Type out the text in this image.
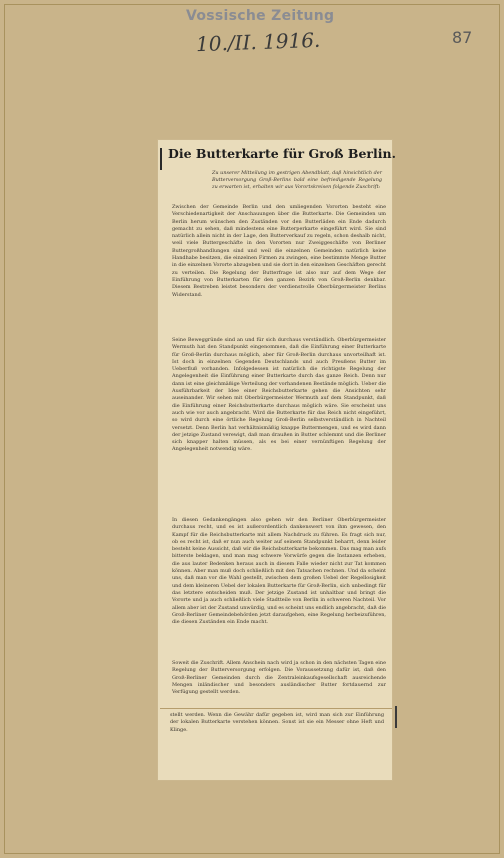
Vossische Zeitung
10./II. 1916.	87
Die Butterkarte für Groß Berlin.
Zu unserer Mitteilung im gestrigen Abendblatt, daß hinsichtlich der Butterversorgung Groß-Berlins bald eine befriedigende Regelung zu erwarten ist, erhalten wir aus Vorortskreisen folgende Zuschrift:
Zwischen der Gemeinde Berlin und den umliegenden Vororten besteht eine Verschiedenartigkeit der Anschauungen über die Butterkarte. Die Gemeinden um Berlin herum wünschen den Zuständen vor den Butterläden ein Ende dadurch gemacht zu sehen, daß mindestens eine Butterperkarte eingeführt wird. Sie sind natürlich allein nicht in der Lage, den Butterverkauf zu regeln, schon deshalb nicht, weil viele Buttergeschäfte in den Vororten nur Zweiggeschäfte von Berliner Buttergroßhandlungen sind und weil die einzelnen Gemeinden natürlich keine Handhabe besitzen, die einzelnen Firmen zu zwingen, eine bestimmte Menge Butter in die einzelnen Vororte abzugeben und sie dort in den einzelnen Geschäften gerecht zu verteilen. Die Regelung der Butterfrage ist also nur auf dem Wege der Einführung von Butterkarten für den ganzen Bezirk von Groß-Berlin denkbar. Diesem Bestreben leistet besonders der verdienstvolle Oberbürgermeister Berlins Widerstand.
Seine Beweggründe sind an und für sich durchaus verständlich. Oberbürgermeister Wermuth hat den Standpunkt eingenommen, daß die Einführung einer Butterkarte für Groß-Berlin durchaus möglich, aber für Groß-Berlin durchaus unvorteilhaft ist. Ist doch in einzelnen Gegenden Deutschlands und auch Preußens Butter im Ueberfluß vorhanden. Infolgedessen ist natürlich die richtigste Regelung der Angelegenheit die Einführung einer Butterkarte durch das ganze Reich. Denn nur dann ist eine gleichmäßige Verteilung der vorhandenen Bestände möglich. Ueber die Ausführbarkeit der Idee einer Reichsbutterkarte gehen die Ansichten sehr auseinander. Wir sehen mit Oberbürgermeister Wermuth auf dem Standpunkt, daß die Einführung einer Reichsbutterkarte durchaus möglich wäre. Sie erscheint uns auch wie vor auch angebracht. Wird die Butterkarte für das Reich nicht eingeführt, so wird durch eine örtliche Regelung Groß-Berlin selbstverständlich in Nachteil versetzt. Denn Berlin hat verhältnismäßig knappe Buttermengen, und es wird dann der jetzige Zustand verewigt, daß man draußen in Butter schlemmt und die Berliner sich knapper halten müssen, als es bei einer vernünftigen Regelung der Angelegenheit notwendig wäre.
In diesen Gedankengängen also gehen wir den Berliner Oberbürgermeister durchaus recht, und es ist außerordentlich dankenswert von ihm gewesen, den Kampf für die Reichsbutterkarte mit allem Nachdruck zu führen. Es fragt sich nur, ob es recht ist, daß er nun auch weiter auf seinem Standpunkt beharrt, denn leider besteht keine Aussicht, daß wir die Reichsbutterkarte bekommen. Das mag man aufs bitterste beklagen, und man mag schwere Vorwürfe gegen die Instanzen erheben, die aus lauter Bedenken heraus auch in diesem Falle wieder nicht zur Tat kommen können. Aber man muß doch schließlich mit den Tatsachen rechnen. Und da scheint uns, daß man vor die Wahl gestellt, zwischen dem großen Uebel der Regellosigkeit und dem kleineren Uebel der lokalen Butterkarte für Groß-Berlin, sich unbedingt für das letztere entscheiden muß. Der jetzige Zustand ist unhaltbar und bringt die Vororte und ja auch schließlich viele Stadtteile von Berlin in schweren Nachteil. Vor allem aber ist der Zustand unwürdig, und es scheint uns endlich angebracht, daß die Groß-Berliner Gemeindebehörden jetzt daraufgehen, eine Regelung herbeizuführen, die diesen Zuständen ein Ende macht.
Soweit die Zuschrift. Allem Anschein nach wird ja schon in den nächsten Tagen eine Regelung der Butterversorgung erfolgen. Die Voraussetzung dafür ist, daß den Groß-Berliner Gemeinden durch die Zentraleinkaufsgesellschaft ausreichende Mengen inländischer und besonders ausländischer Butter fortdauernd zur Verfügung gestellt werden.
stellt werden. Wenn die Gewähr dafür gegeben ist, wird man sich zur Einführung der lokalen Butterkarte verstehen können. Sonst ist sie ein Messer ohne Heft und Klinge.
